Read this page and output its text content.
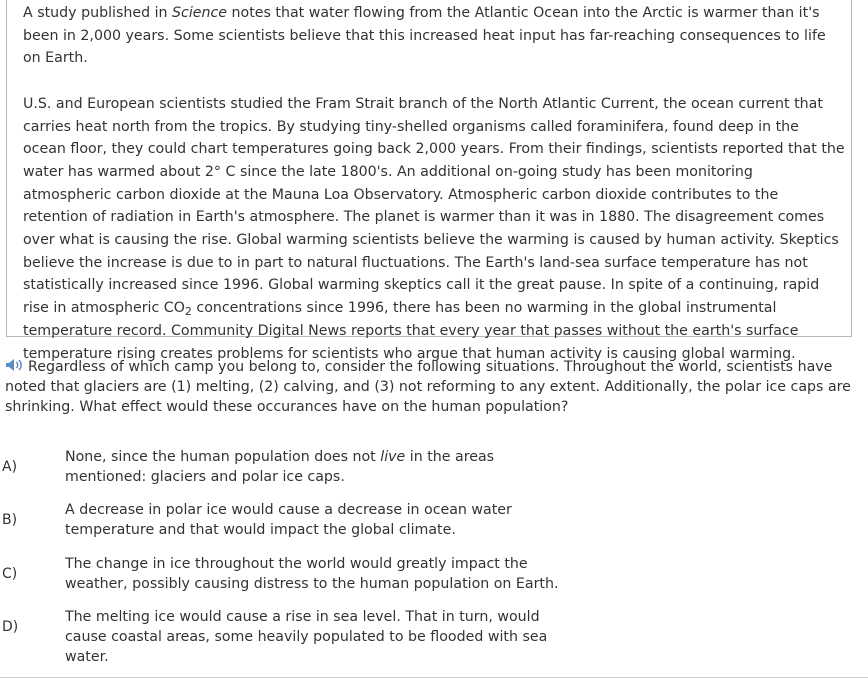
A study published in Science notes that water flowing from the Atlantic Ocean into the Arctic is warmer than it's been in 2,000 years. Some scientists believe that this increased heat input has far-reaching consequences to life on Earth.

U.S. and European scientists studied the Fram Strait branch of the North Atlantic Current, the ocean current that carries heat north from the tropics. By studying tiny-shelled organisms called foraminifera, found deep in the ocean floor, they could chart temperatures going back 2,000 years. From their findings, scientists reported that the water has warmed about 2° C since the late 1800's. An additional on-going study has been monitoring atmospheric carbon dioxide at the Mauna Loa Observatory. Atmospheric carbon dioxide contributes to the retention of radiation in Earth's atmosphere. The planet is warmer than it was in 1880. The disagreement comes over what is causing the rise. Global warming scientists believe the warming is caused by human activity. Skeptics believe the increase is due to in part to natural fluctuations. The Earth's land-sea surface temperature has not statistically increased since 1996. Global warming skeptics call it the great pause. In spite of a continuing, rapid rise in atmospheric $CO_2$ concentrations since 1996, there has been no warming in the global instrumental temperature record. Community Digital News reports that every year that passes without the earth's surface temperature rising creates problems for scientists who argue that human activity is causing global warming.

Regardless of which camp you belong to, consider the following situations. Throughout the world, scientists have noted that glaciers are (1) melting, (2) calving, and (3) not reforming to any extent. Additionally, the polar ice caps are shrinking. What effect would these occurances have on the human population?
A)
None, since the human population does not live in the areas mentioned: glaciers and polar ice caps.
B)
A decrease in polar ice would cause a decrease in ocean water temperature and that would impact the global climate.
C)
The change in ice throughout the world would greatly impact the weather, possibly causing distress to the human population on Earth.
D)
The melting ice would cause a rise in sea level. That in turn, would cause coastal areas, some heavily populated to be flooded with sea water.
